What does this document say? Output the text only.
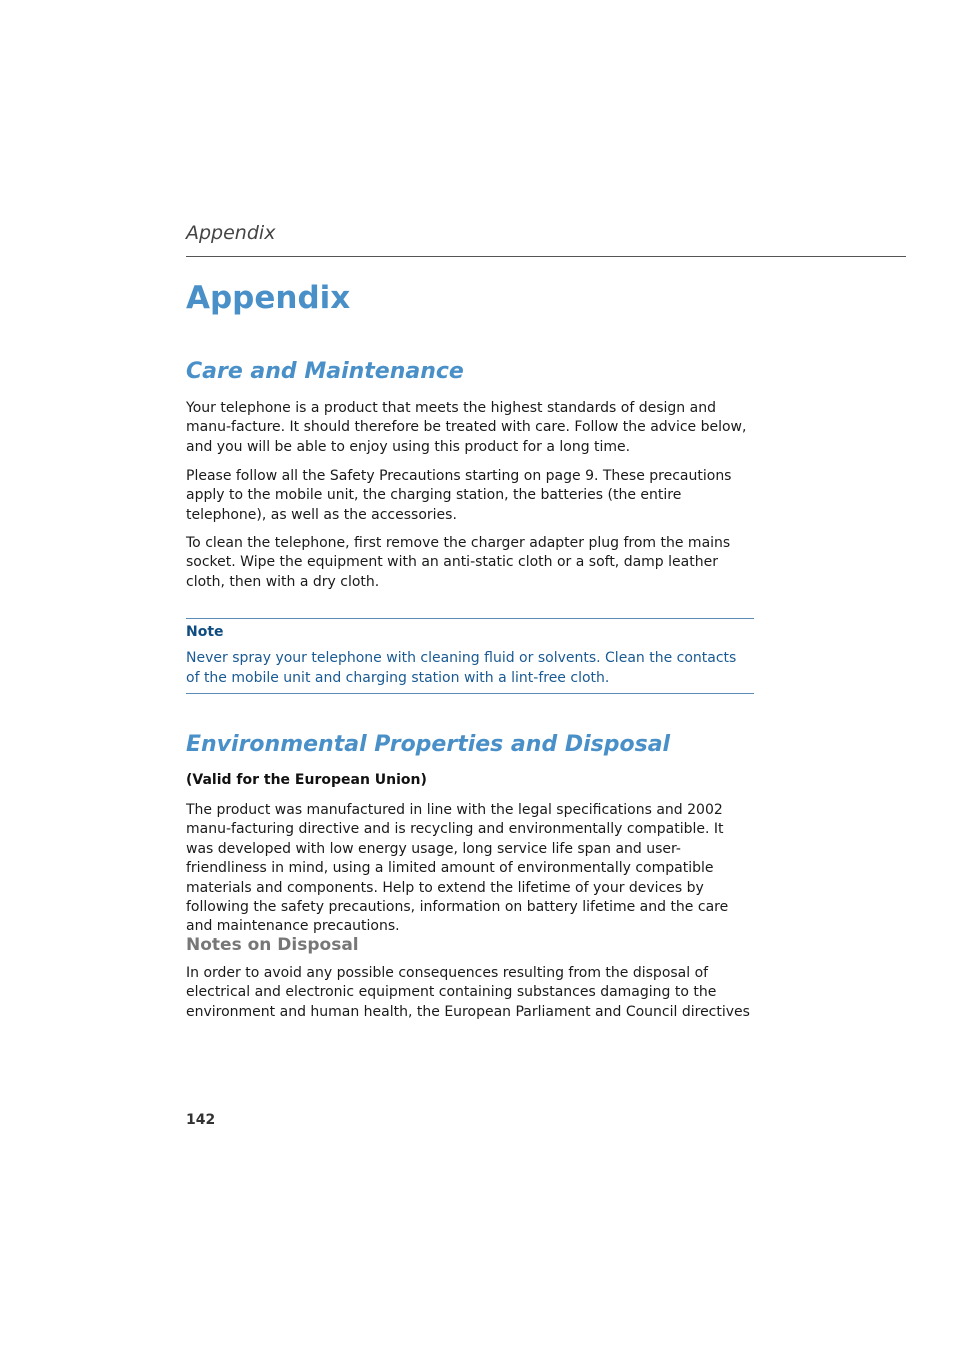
Appendix
Appendix
Care and Maintenance

Your telephone is a product that meets the highest standards of design and manu-facture. It should therefore be treated with care. Follow the advice below, and you will be able to enjoy using this product for a long time.

Please follow all the Safety Precautions starting on page 9. These precautions apply to the mobile unit, the charging station, the batteries (the entire telephone), as well as the accessories.

To clean the telephone, first remove the charger adapter plug from the mains socket. Wipe the equipment with an anti-static cloth or a soft, damp leather cloth, then with a dry cloth.

Note

Never spray your telephone with cleaning fluid or solvents. Clean the contacts of the mobile unit and charging station with a lint-free cloth.

Environmental Properties and Disposal
(Valid for the European Union)

The product was manufactured in line with the legal specifications and 2002 manu-facturing directive and is recycling and environmentally compatible. It was developed with low energy usage, long service life span and user-friendliness in mind, using a limited amount of environmentally compatible materials and components. Help to extend the lifetime of your devices by following the safety precautions, information on battery lifetime and the care and maintenance precautions.

Notes on Disposal

In order to avoid any possible consequences resulting from the disposal of electrical and electronic equipment containing substances damaging to the environment and human health, the European Parliament and Council directives

142
